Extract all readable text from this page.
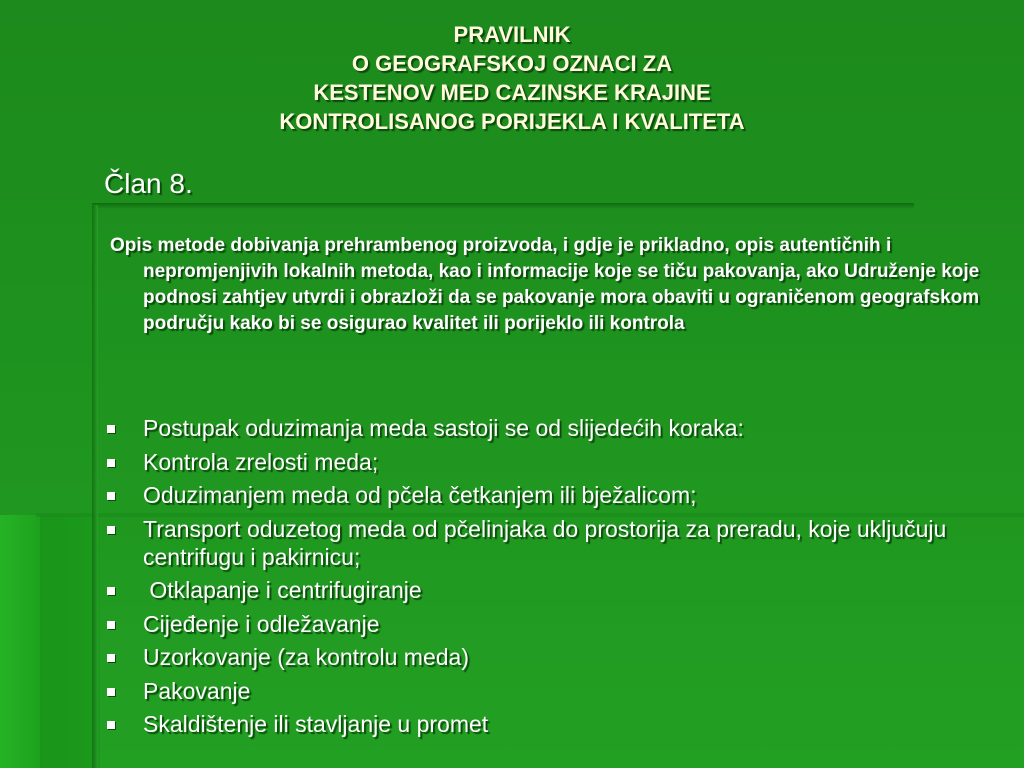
PRAVILNIK
O GEOGRAFSKOJ OZNACI ZA
KESTENOV MED CAZINSKE KRAJINE
KONTROLISANOG PORIJEKLA I KVALITETA
Član 8.
Opis metode dobivanja prehrambenog proizvoda, i gdje je prikladno, opis autentičnih i nepromjenjivih lokalnih metoda, kao i informacije koje se tiču pakovanja, ako Udruženje koje podnosi zahtjev utvrdi i obrazloži da se pakovanje mora obaviti u ograničenom geografskom području kako bi se osigurao kvalitet ili porijeklo ili kontrola
Postupak oduzimanja meda sastoji se od slijedećih koraka:
Kontrola zrelosti meda;
Oduzimanjem meda od pčela četkanjem ili bježalicom;
Transport oduzetog meda od pčelinjaka do prostorija za preradu, koje uključuju centrifugu i pakirnicu;
Otklapanje i centrifugiranje
Cijeđenje i odležavanje
Uzorkovanje (za kontrolu meda)
Pakovanje
Skaldištenje ili stavljanje u promet
